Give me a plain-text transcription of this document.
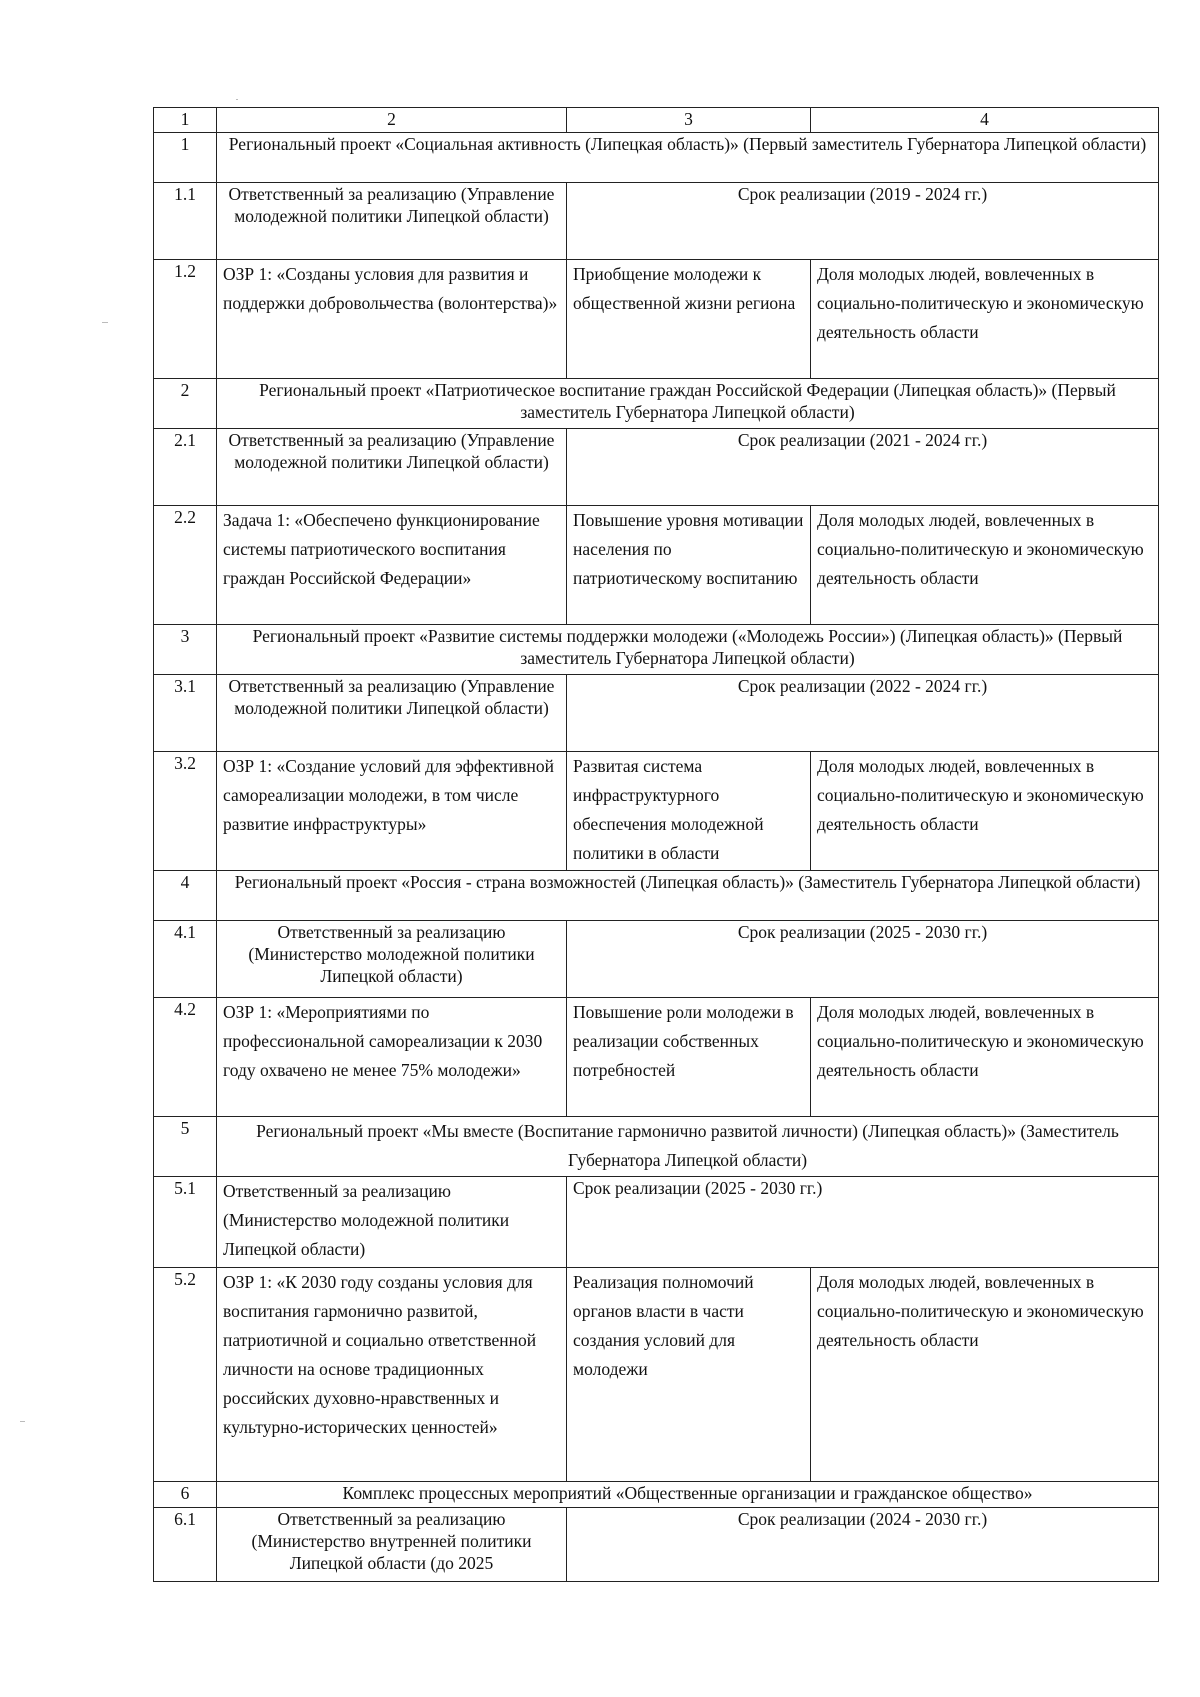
1	2	3	4
1	Региональный проект «Социальная активность (Липецкая область)» (Первый заместитель Губернатора Липецкой области)		
1.1	Ответственный за реализацию (Управление молодежной политики Липецкой области)	Срок реализации (2019 - 2024 гг.)	
1.2	ОЗР 1: «Созданы условия для развития и поддержки добровольчества (волонтерства)»	Приобщение молодежи к общественной жизни региона	Доля молодых людей, вовлеченных в социально-политическую и экономическую деятельность области
2	Региональный проект «Патриотическое воспитание граждан Российской Федерации (Липецкая область)» (Первый заместитель Губернатора Липецкой области)		
2.1	Ответственный за реализацию (Управление молодежной политики Липецкой области)	Срок реализации (2021 - 2024 гг.)	
2.2	Задача 1: «Обеспечено функционирование системы патриотического воспитания граждан Российской Федерации»	Повышение уровня мотивации населения по патриотическому воспитанию	Доля молодых людей, вовлеченных в социально-политическую и экономическую деятельность области
3	Региональный проект «Развитие системы поддержки молодежи («Молодежь России») (Липецкая область)» (Первый заместитель Губернатора Липецкой области)		
3.1	Ответственный за реализацию (Управление молодежной политики Липецкой области)	Срок реализации (2022 - 2024 гг.)	
3.2	ОЗР 1: «Создание условий для эффективной самореализации молодежи, в том числе развитие инфраструктуры»	Развитая система инфраструктурного обеспечения молодежной политики в области	Доля молодых людей, вовлеченных в социально-политическую и экономическую деятельность области
4	Региональный проект «Россия - страна возможностей (Липецкая область)» (Заместитель Губернатора Липецкой области)		
4.1	Ответственный за реализацию (Министерство молодежной политики Липецкой области)	Срок реализации (2025 - 2030 гг.)	
4.2	ОЗР 1: «Мероприятиями по профессиональной самореализации к 2030 году охвачено не менее 75% молодежи»	Повышение роли молодежи в реализации собственных потребностей	Доля молодых людей, вовлеченных в социально-политическую и экономическую деятельность области
5	Региональный проект «Мы вместе (Воспитание гармонично развитой личности) (Липецкая область)» (Заместитель Губернатора Липецкой области)		
5.1	Ответственный за реализацию (Министерство молодежной политики Липецкой области)	Срок реализации (2025 - 2030 гг.)	
5.2	ОЗР 1: «К 2030 году созданы условия для воспитания гармонично развитой, патриотичной и социально ответственной личности на основе традиционных российских духовно-нравственных и культурно-исторических ценностей»	Реализация полномочий органов власти в части создания условий для молодежи	Доля молодых людей, вовлеченных в социально-политическую и экономическую деятельность области
6	Комплекс процессных мероприятий «Общественные организации и гражданское общество»		
6.1	Ответственный за реализацию (Министерство внутренней политики Липецкой области (до 2025	Срок реализации (2024 - 2030 гг.)	
